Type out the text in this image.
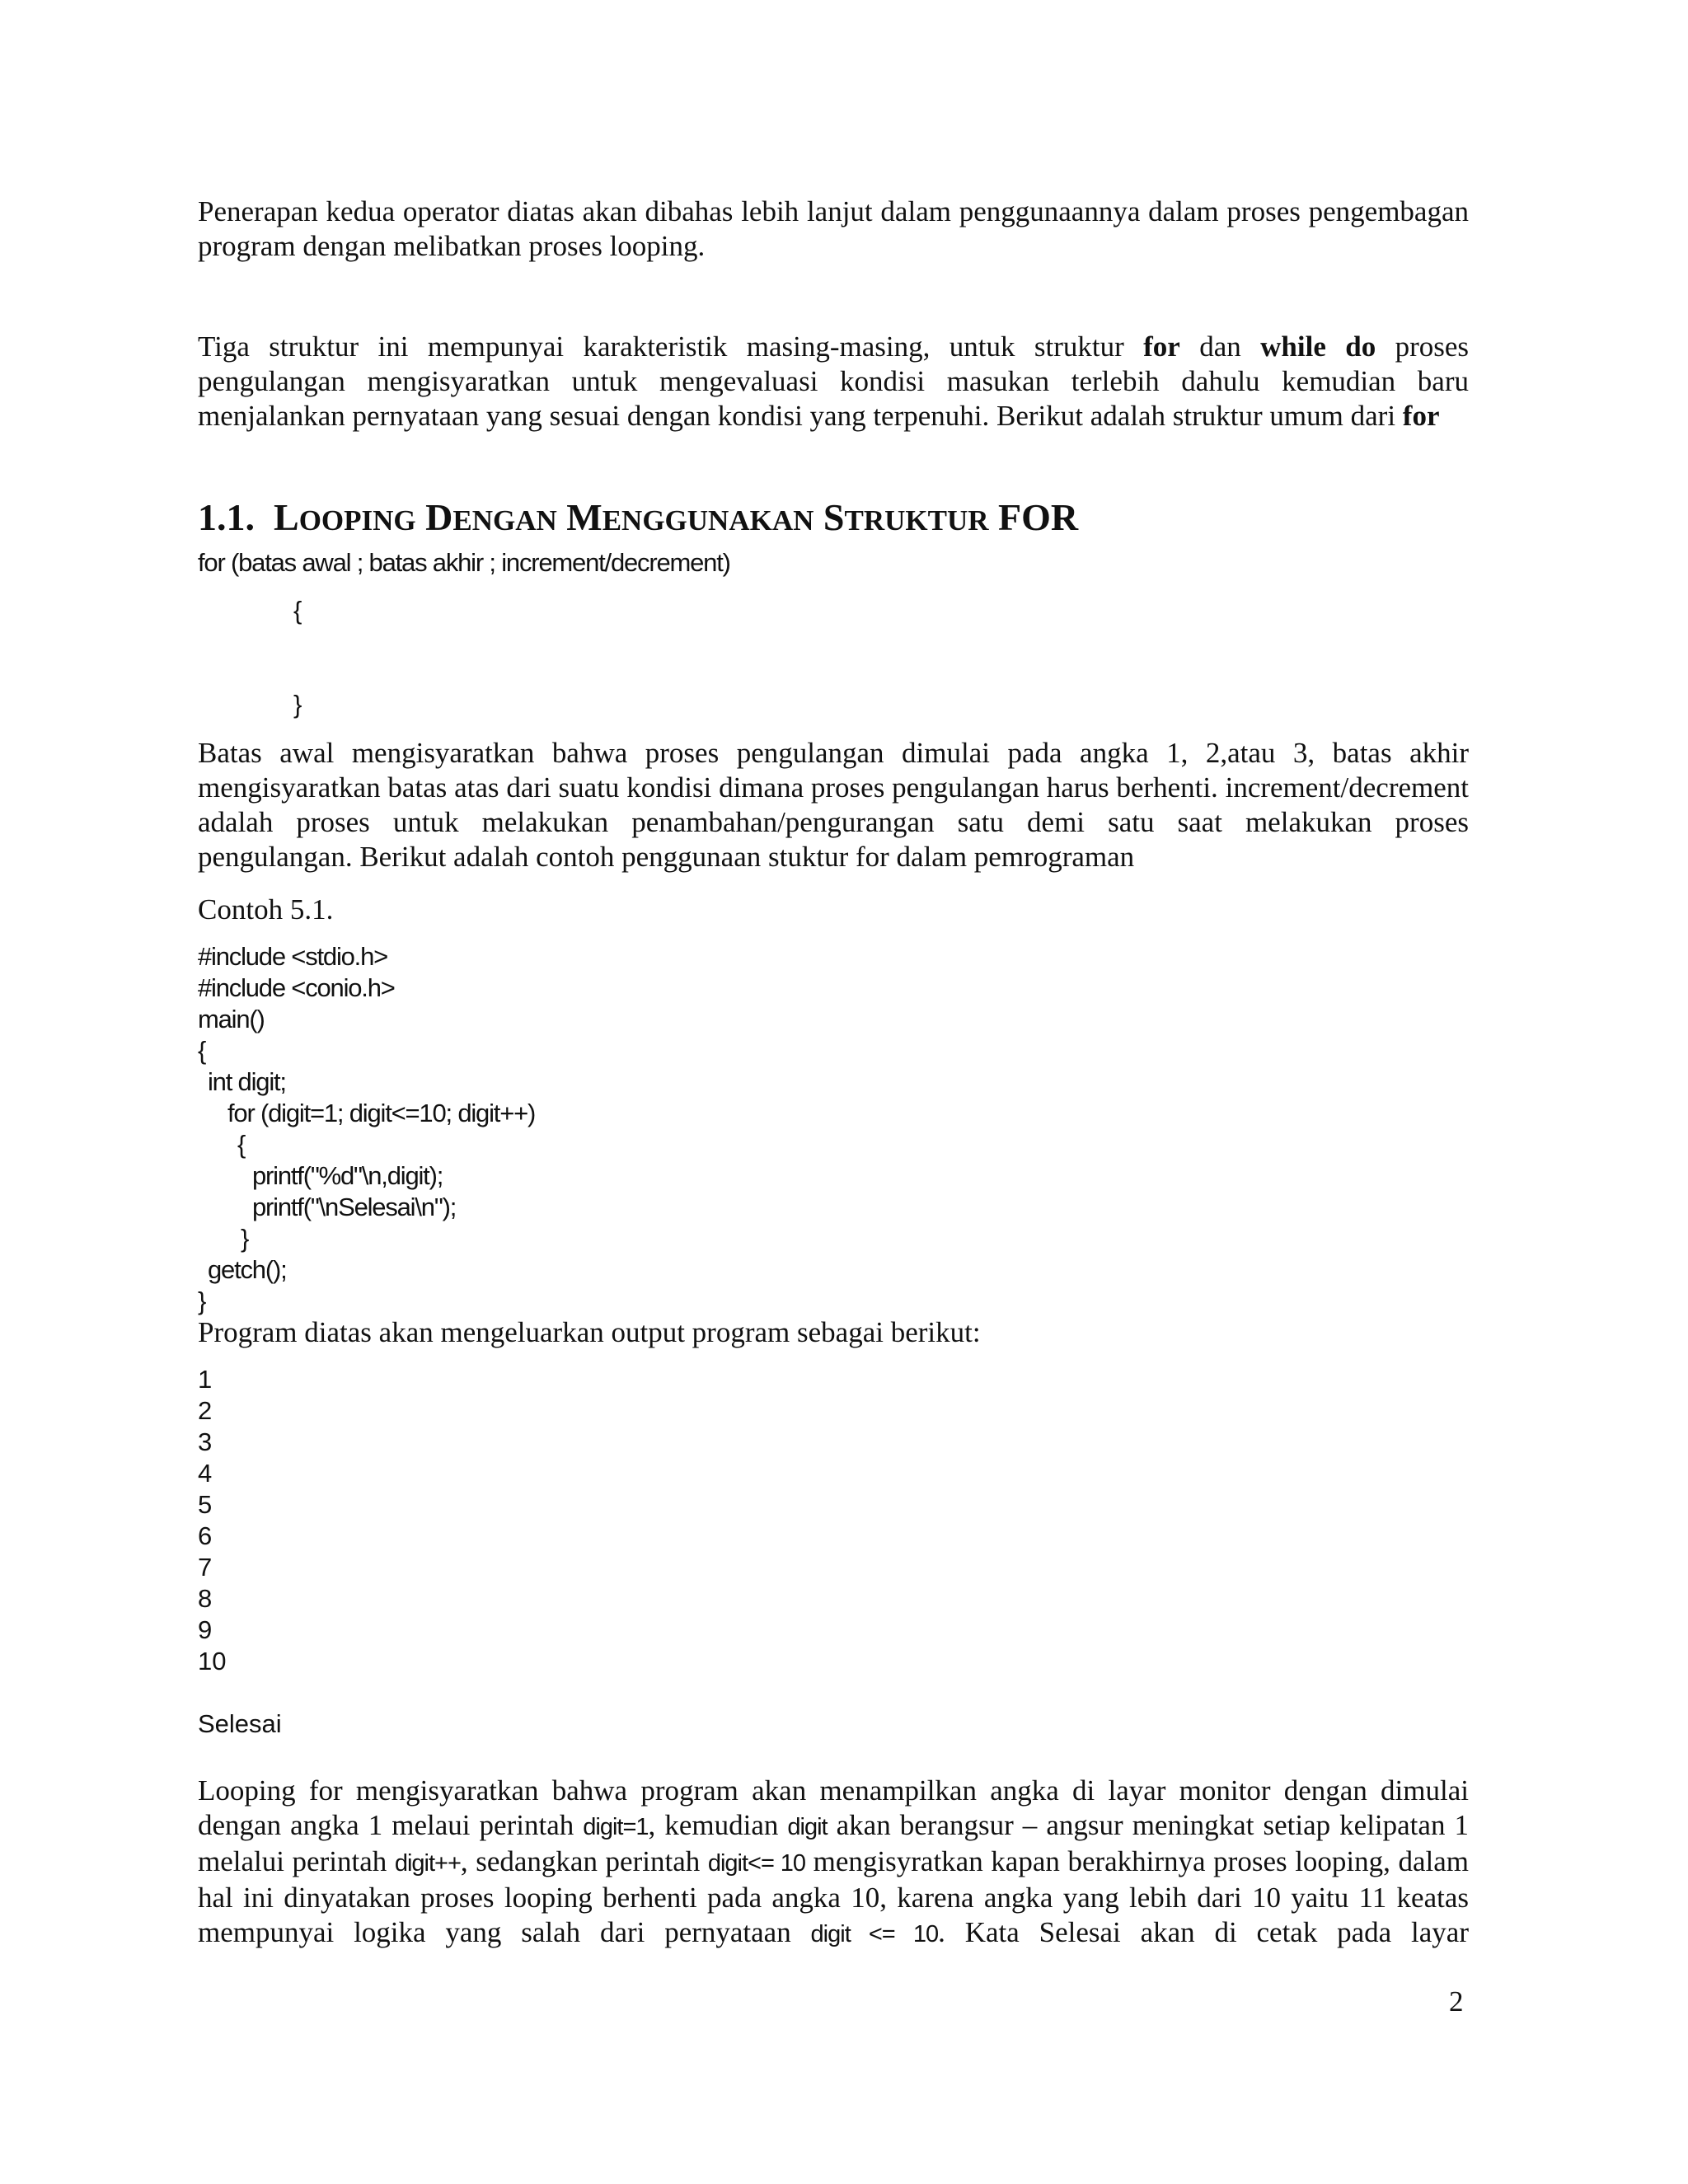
Penerapan kedua operator diatas akan dibahas lebih lanjut dalam penggunaannya dalam proses pengembagan program dengan melibatkan proses looping.

Tiga struktur ini mempunyai karakteristik masing-masing, untuk struktur for dan while do proses pengulangan mengisyaratkan untuk mengevaluasi kondisi masukan terlebih dahulu kemudian baru menjalankan pernyataan yang sesuai dengan kondisi yang terpenuhi. Berikut adalah struktur umum dari for

1.1. LOOPING DENGAN MENGGUNAKAN STRUKTUR FOR
for (batas awal ; batas akhir ; increment/decrement)
{
}

Batas awal mengisyaratkan bahwa proses pengulangan dimulai pada angka 1, 2,atau 3, batas akhir mengisyaratkan batas atas dari suatu kondisi dimana proses pengulangan harus berhenti. increment/decrement adalah proses untuk melakukan penambahan/pengurangan satu demi satu saat melakukan proses pengulangan. Berikut adalah contoh penggunaan stuktur for dalam pemrograman

Contoh 5.1.
#include <stdio.h>
#include <conio.h>
main()
{
int digit;
for (digit=1; digit<=10; digit++)
{
printf("%d"\n,digit);
printf("\nSelesai\n");
}
getch();
}
Program diatas akan mengeluarkan output program sebagai berikut:
1
2
3
4
5
6
7
8
9
10
Selesai

Looping for mengisyaratkan bahwa program akan menampilkan angka di layar monitor dengan dimulai dengan angka 1 melaui perintah digit=1, kemudian digit akan berangsur – angsur meningkat setiap kelipatan 1 melalui perintah digit++, sedangkan perintah digit<= 10 mengisyratkan kapan berakhirnya proses looping, dalam hal ini dinyatakan proses looping berhenti pada angka 10, karena angka yang lebih dari 10 yaitu 11 keatas mempunyai logika yang salah dari pernyataan digit <= 10. Kata Selesai akan di cetak pada layar

2
